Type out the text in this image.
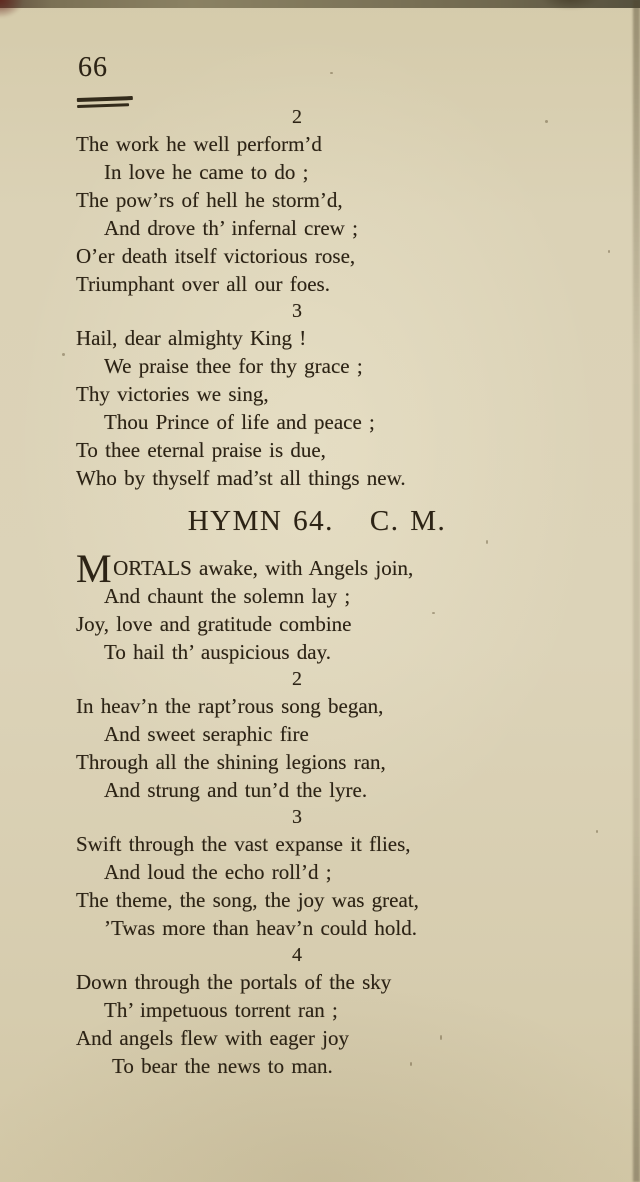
66
2
The work he well perform’d
In love he came to do ;
The pow’rs of hell he storm’d,
And drove th’ infernal crew ;
O’er death itself victorious rose,
Triumphant over all our foes.
3
Hail, dear almighty King !
We praise thee for thy grace ;
Thy victories we sing,
Thou Prince of life and peace ;
To thee eternal praise is due,
Who by thyself mad’st all things new.
HYMN 64. C. M.
MORTALS awake, with Angels join,
And chaunt the solemn lay ;
Joy, love and gratitude combine
To hail th’ auspicious day.
2
In heav’n the rapt’rous song began,
And sweet seraphic fire
Through all the shining legions ran,
And strung and tun’d the lyre.
3
Swift through the vast expanse it flies,
And loud the echo roll’d ;
The theme, the song, the joy was great,
’Twas more than heav’n could hold.
4
Down through the portals of the sky
Th’ impetuous torrent ran ;
And angels flew with eager joy
To bear the news to man.
